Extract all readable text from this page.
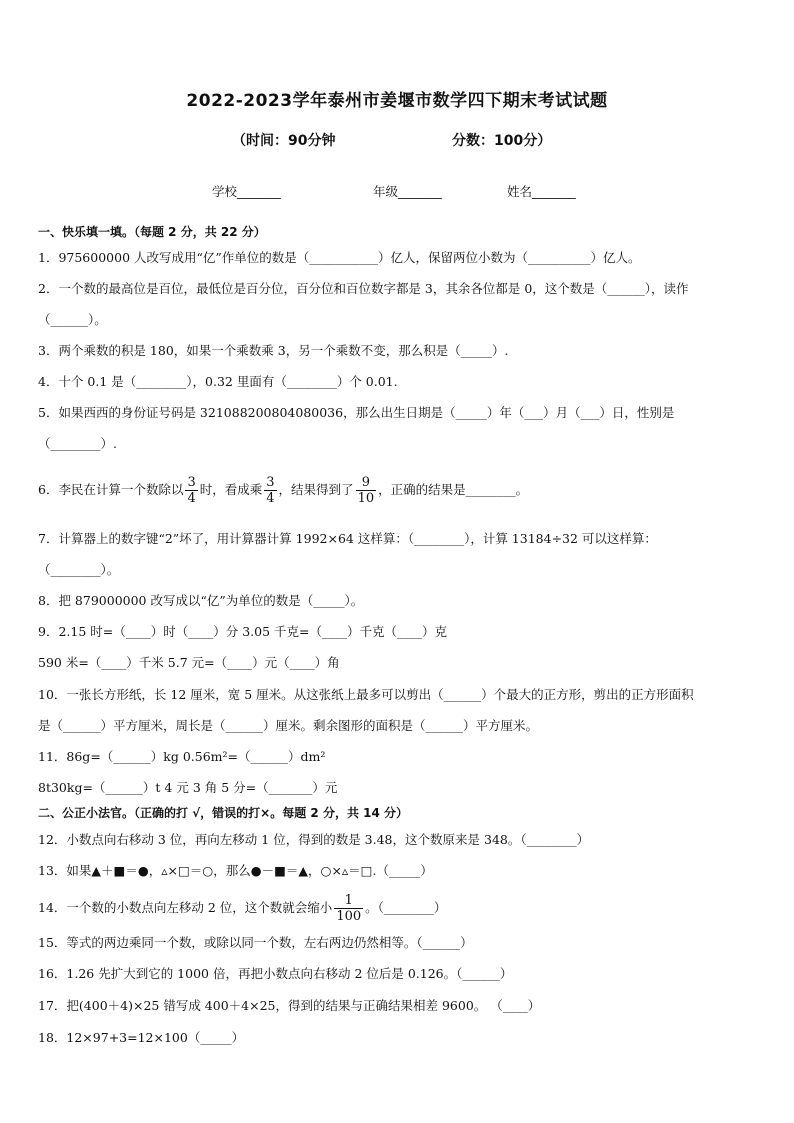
2022-2023学年泰州市姜堰市数学四下期末考试试题
（时间：90分钟	分数：100分）
学校_______	年级_______	姓名_______
一、快乐填一填。（每题 2 分，共 22 分）
1．975600000 人改写成用“亿”作单位的数是（___________）亿人，保留两位小数为（__________）亿人。
2．一个数的最高位是百位，最低位是百分位，百分位和百位数字都是 3，其余各位都是 0，这个数是（______），读作
（______）。
3．两个乘数的积是 180，如果一个乘数乘 3，另一个乘数不变，那么积是（_____）.
4．十个 0.1 是（________），0.32 里面有（________）个 0.01.
5．如果西西的身份证号码是 321088200804080036，那么出生日期是（_____）年（___）月（___）日，性别是
（________）.
6．李民在计算一个数除以 $\frac{3}{4}$ 时，看成乘 $\frac{3}{4}$ ，结果得到了 $\frac{9}{10}$ ，正确的结果是________。
7．计算器上的数字键“2”坏了，用计算器计算 1992×64 这样算：（________），计算 13184÷32 可以这样算：
（________）。
8．把 879000000 改写成以“亿”为单位的数是（_____）。
9．2.15 时=（____）时（____）分 3.05 千克=（____）千克（____）克
590 米=（____）千米 5.7 元=（____）元（____）角
10．一张长方形纸，长 12 厘米，宽 5 厘米。从这张纸上最多可以剪出（______）个最大的正方形，剪出的正方形面积
是（______）平方厘米，周长是（______）厘米。剩余图形的面积是（______）平方厘米。
11．86g=（______）kg 0.56m²=（______）dm²
8t30kg=（______）t 4 元 3 角 5 分=（_______）元
二、公正小法官。（正确的打 √，错误的打×。每题 2 分，共 14 分）
12．小数点向右移动 3 位，再向左移动 1 位，得到的数是 3.48，这个数原来是 348。（________）
13．如果▲＋■＝●，▵×□＝○，那么●－■＝▲，○×▵＝□.（_____）
14．一个数的小数点向左移动 2 位，这个数就会缩小 $\frac{1}{100}$ 。（________）
15．等式的两边乘同一个数，或除以同一个数，左右两边仍然相等。（______）
16．1.26 先扩大到它的 1000 倍，再把小数点向右移动 2 位后是 0.126。（______）
17．把(400＋4)×25 错写成 400＋4×25，得到的结果与正确结果相差 9600。 （____）
18．12×97+3=12×100（_____）
